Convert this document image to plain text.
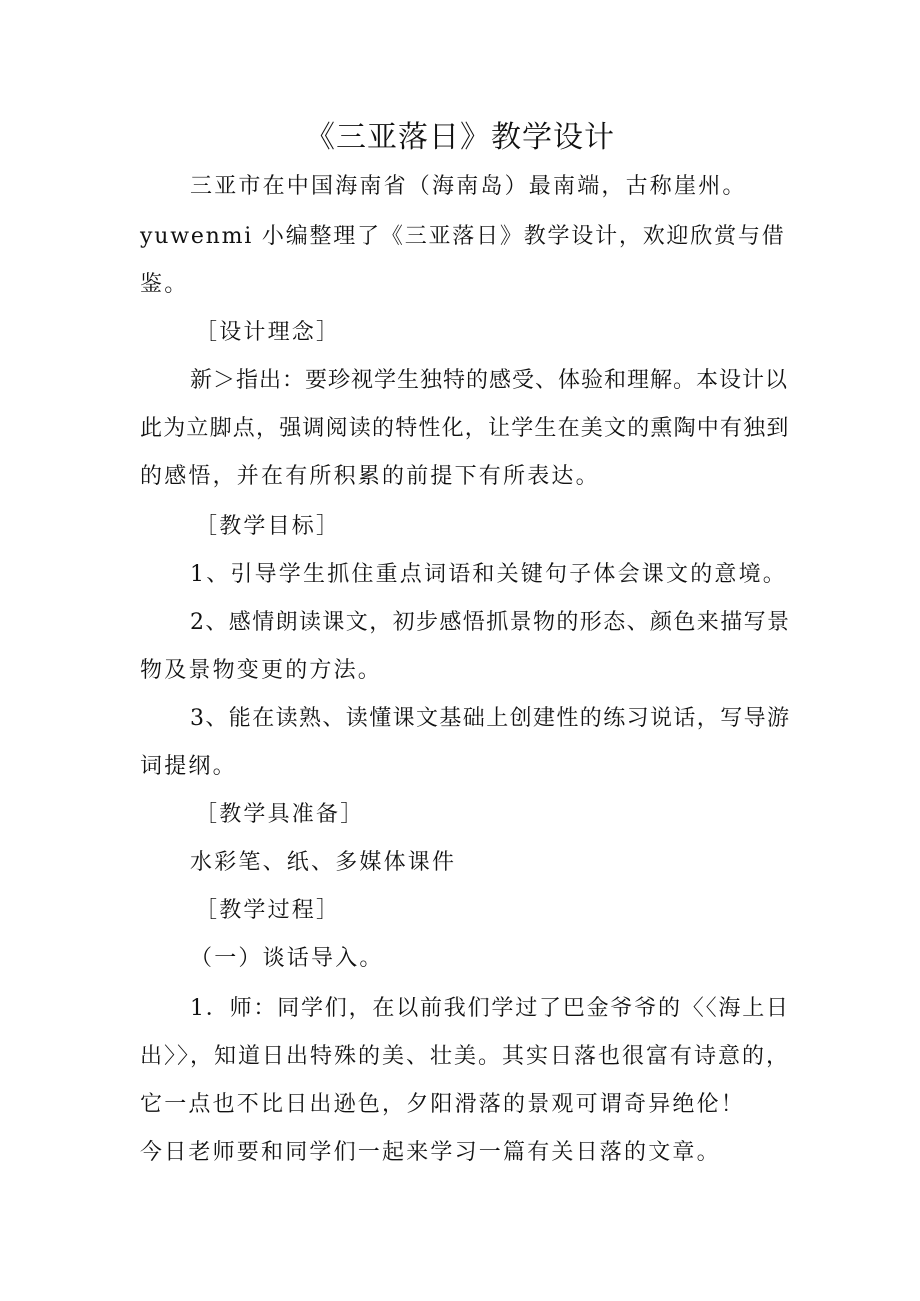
《三亚落日》教学设计

三亚市在中国海南省（海南岛）最南端，古称崖州。

yuwenmi 小编整理了《三亚落日》教学设计，欢迎欣赏与借

鉴。

［设计理念］

新＞指出：要珍视学生独特的感受、体验和理解。本设计以

此为立脚点，强调阅读的特性化，让学生在美文的熏陶中有独到

的感悟，并在有所积累的前提下有所表达。

［教学目标］

1、引导学生抓住重点词语和关键句子体会课文的意境。

2、感情朗读课文，初步感悟抓景物的形态、颜色来描写景

物及景物变更的方法。

3、能在读熟、读懂课文基础上创建性的练习说话，写导游

词提纲。

［教学具准备］

水彩笔、纸、多媒体课件

［教学过程］

（一）谈话导入。

1．师：同学们，在以前我们学过了巴金爷爷的〈〈海上日

出〉〉，知道日出特殊的美、壮美。其实日落也很富有诗意的，

它一点也不比日出逊色，夕阳滑落的景观可谓奇异绝伦！

今日老师要和同学们一起来学习一篇有关日落的文章。
